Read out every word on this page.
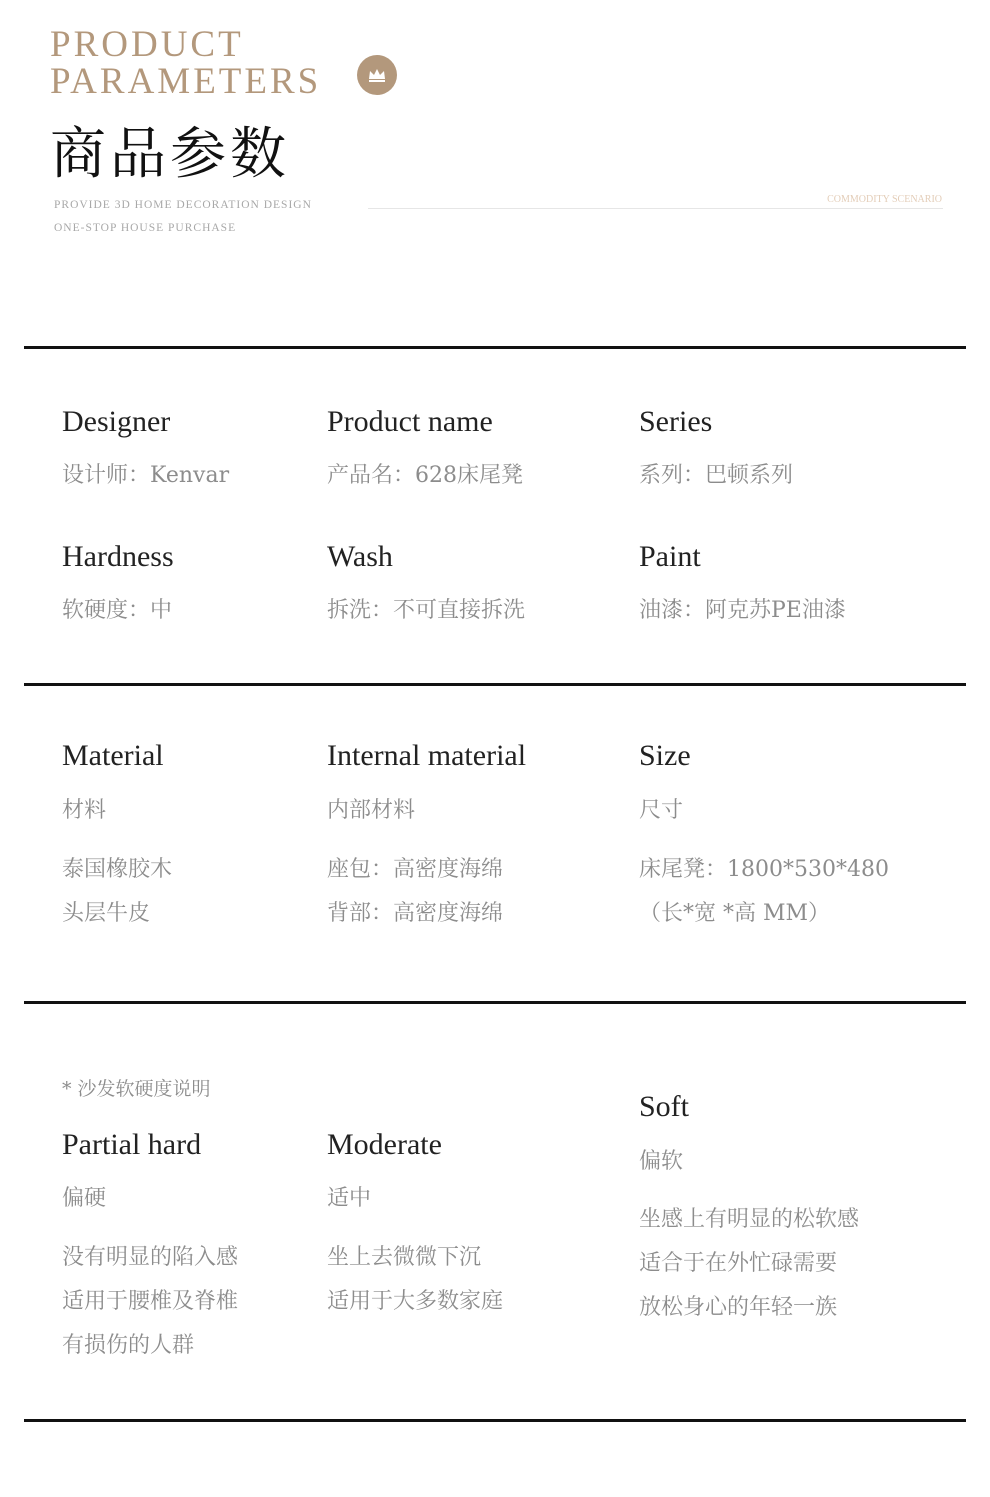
PRODUCT
PARAMETERS
商品参数
PROVIDE 3D HOME DECORATION DESIGN
ONE-STOP HOUSE PURCHASE
COMMODITY SCENARIO
Designer
设计师：Kenvar
Product name
产品名：628床尾凳
Series
系列：巴顿系列
Hardness
软硬度：中
Wash
拆洗：不可直接拆洗
Paint
油漆：阿克苏PE油漆
Material
材料
泰国橡胶木
头层牛皮
Internal material
内部材料
座包：高密度海绵
背部：高密度海绵
Size
尺寸
床尾凳：1800*530*480
（长*宽 *高 MM）
* 沙发软硬度说明
Partial hard
偏硬
没有明显的陷入感
适用于腰椎及脊椎
有损伤的人群
Moderate
适中
坐上去微微下沉
适用于大多数家庭
Soft
偏软
坐感上有明显的松软感
适合于在外忙碌需要
放松身心的年轻一族
